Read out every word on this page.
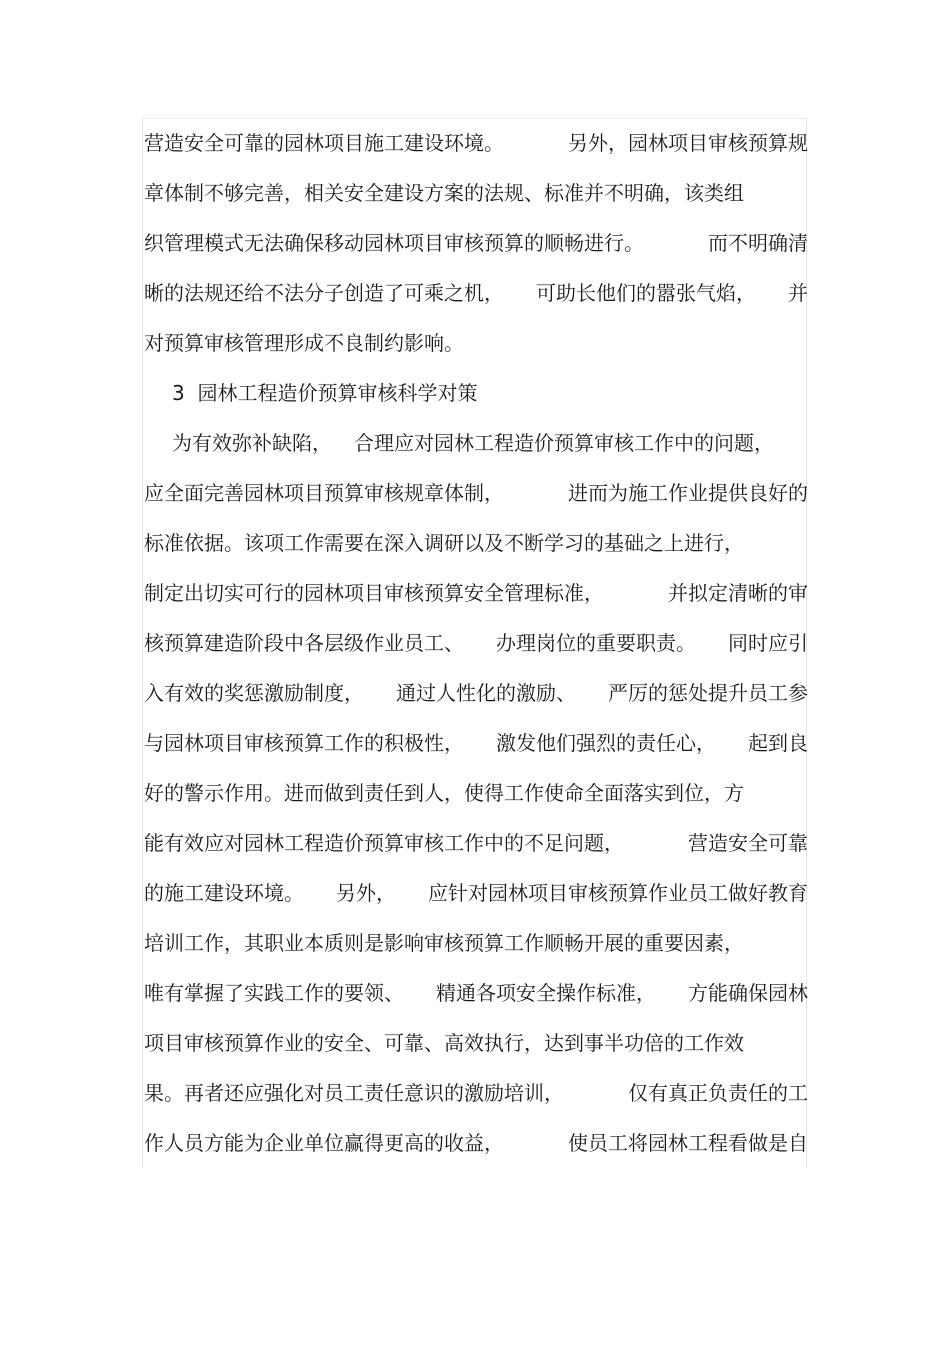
营造安全可靠的园林项目施工建设环境。	另外，园林项目审核预算规
章体制不够完善，相关安全建设方案的法规、标准并不明确，该类组
织管理模式无法确保移动园林项目审核预算的顺畅进行。	而不明确清
晰的法规还给不法分子创造了可乘之机， 可助长他们的嚣张气焰， 并
对预算审核管理形成不良制约影响。
3  园林工程造价预算审核科学对策
为有效弥补缺陷， 合理应对园林工程造价预算审核工作中的问题，
应全面完善园林项目预算审核规章体制，	进而为施工作业提供良好的
标准依据。该项工作需要在深入调研以及不断学习的基础之上进行，
制定出切实可行的园林项目审核预算安全管理标准，	并拟定清晰的审
核预算建造阶段中各层级作业员工、 办理岗位的重要职责。 同时应引
入有效的奖惩激励制度， 通过人性化的激励、 严厉的惩处提升员工参
与园林项目审核预算工作的积极性， 激发他们强烈的责任心， 起到良
好的警示作用。进而做到责任到人，使得工作使命全面落实到位，方
能有效应对园林工程造价预算审核工作中的不足问题，	营造安全可靠
的施工建设环境。 另外， 应针对园林项目审核预算作业员工做好教育
培训工作，其职业本质则是影响审核预算工作顺畅开展的重要因素，
唯有掌握了实践工作的要领、 精通各项安全操作标准， 方能确保园林
项目审核预算作业的安全、可靠、高效执行，达到事半功倍的工作效
果。再者还应强化对员工责任意识的激励培训，	仅有真正负责任的工
作人员方能为企业单位赢得更高的收益，	使员工将园林工程看做是自
